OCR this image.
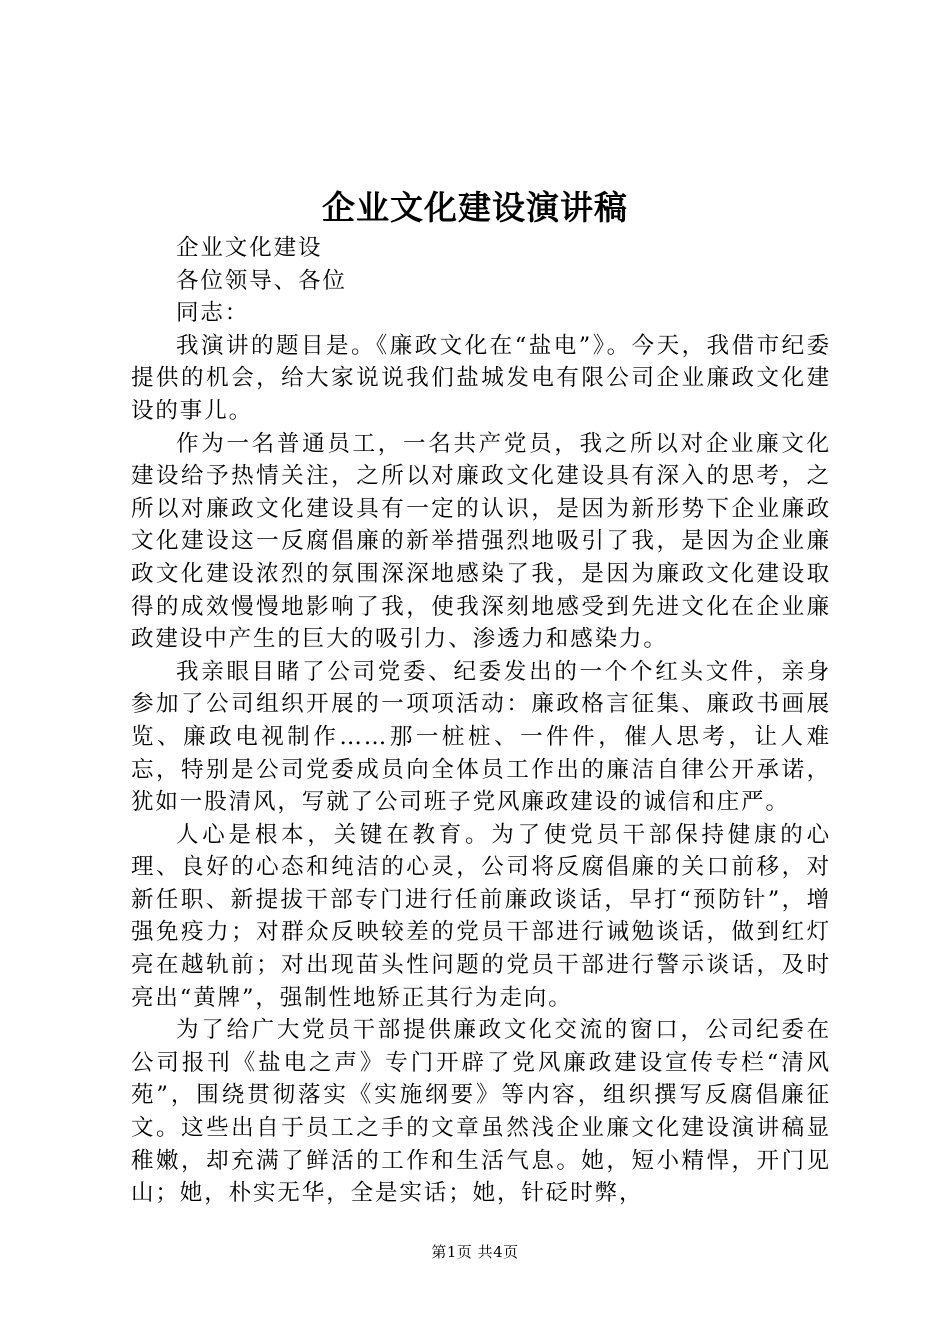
企业文化建设演讲稿

企业文化建设

各位领导、各位

同志：

我演讲的题目是。《廉政文化在“盐电”》。今天，我借市纪委提供的机会，给大家说说我们盐城发电有限公司企业廉政文化建设的事儿。

作为一名普通员工，一名共产党员，我之所以对企业廉文化建设给予热情关注，之所以对廉政文化建设具有深入的思考，之所以对廉政文化建设具有一定的认识，是因为新形势下企业廉政文化建设这一反腐倡廉的新举措强烈地吸引了我，是因为企业廉政文化建设浓烈的氛围深深地感染了我，是因为廉政文化建设取得的成效慢慢地影响了我，使我深刻地感受到先进文化在企业廉政建设中产生的巨大的吸引力、渗透力和感染力。

我亲眼目睹了公司党委、纪委发出的一个个红头文件，亲身参加了公司组织开展的一项项活动：廉政格言征集、廉政书画展览、廉政电视制作……那一桩桩、一件件，催人思考，让人难忘，特别是公司党委成员向全体员工作出的廉洁自律公开承诺，犹如一股清风，写就了公司班子党风廉政建设的诚信和庄严。

人心是根本，关键在教育。为了使党员干部保持健康的心理、良好的心态和纯洁的心灵，公司将反腐倡廉的关口前移，对新任职、新提拔干部专门进行任前廉政谈话，早打“预防针”，增强免疫力；对群众反映较差的党员干部进行诫勉谈话，做到红灯亮在越轨前；对出现苗头性问题的党员干部进行警示谈话，及时亮出“黄牌”，强制性地矫正其行为走向。

为了给广大党员干部提供廉政文化交流的窗口，公司纪委在公司报刊《盐电之声》专门开辟了党风廉政建设宣传专栏“清风苑”，围绕贯彻落实《实施纲要》等内容，组织撰写反腐倡廉征文。这些出自于员工之手的文章虽然浅企业廉文化建设演讲稿显稚嫩，却充满了鲜活的工作和生活气息。她，短小精悍，开门见山；她，朴实无华，全是实话；她，针砭时弊，

第1页 共4页
